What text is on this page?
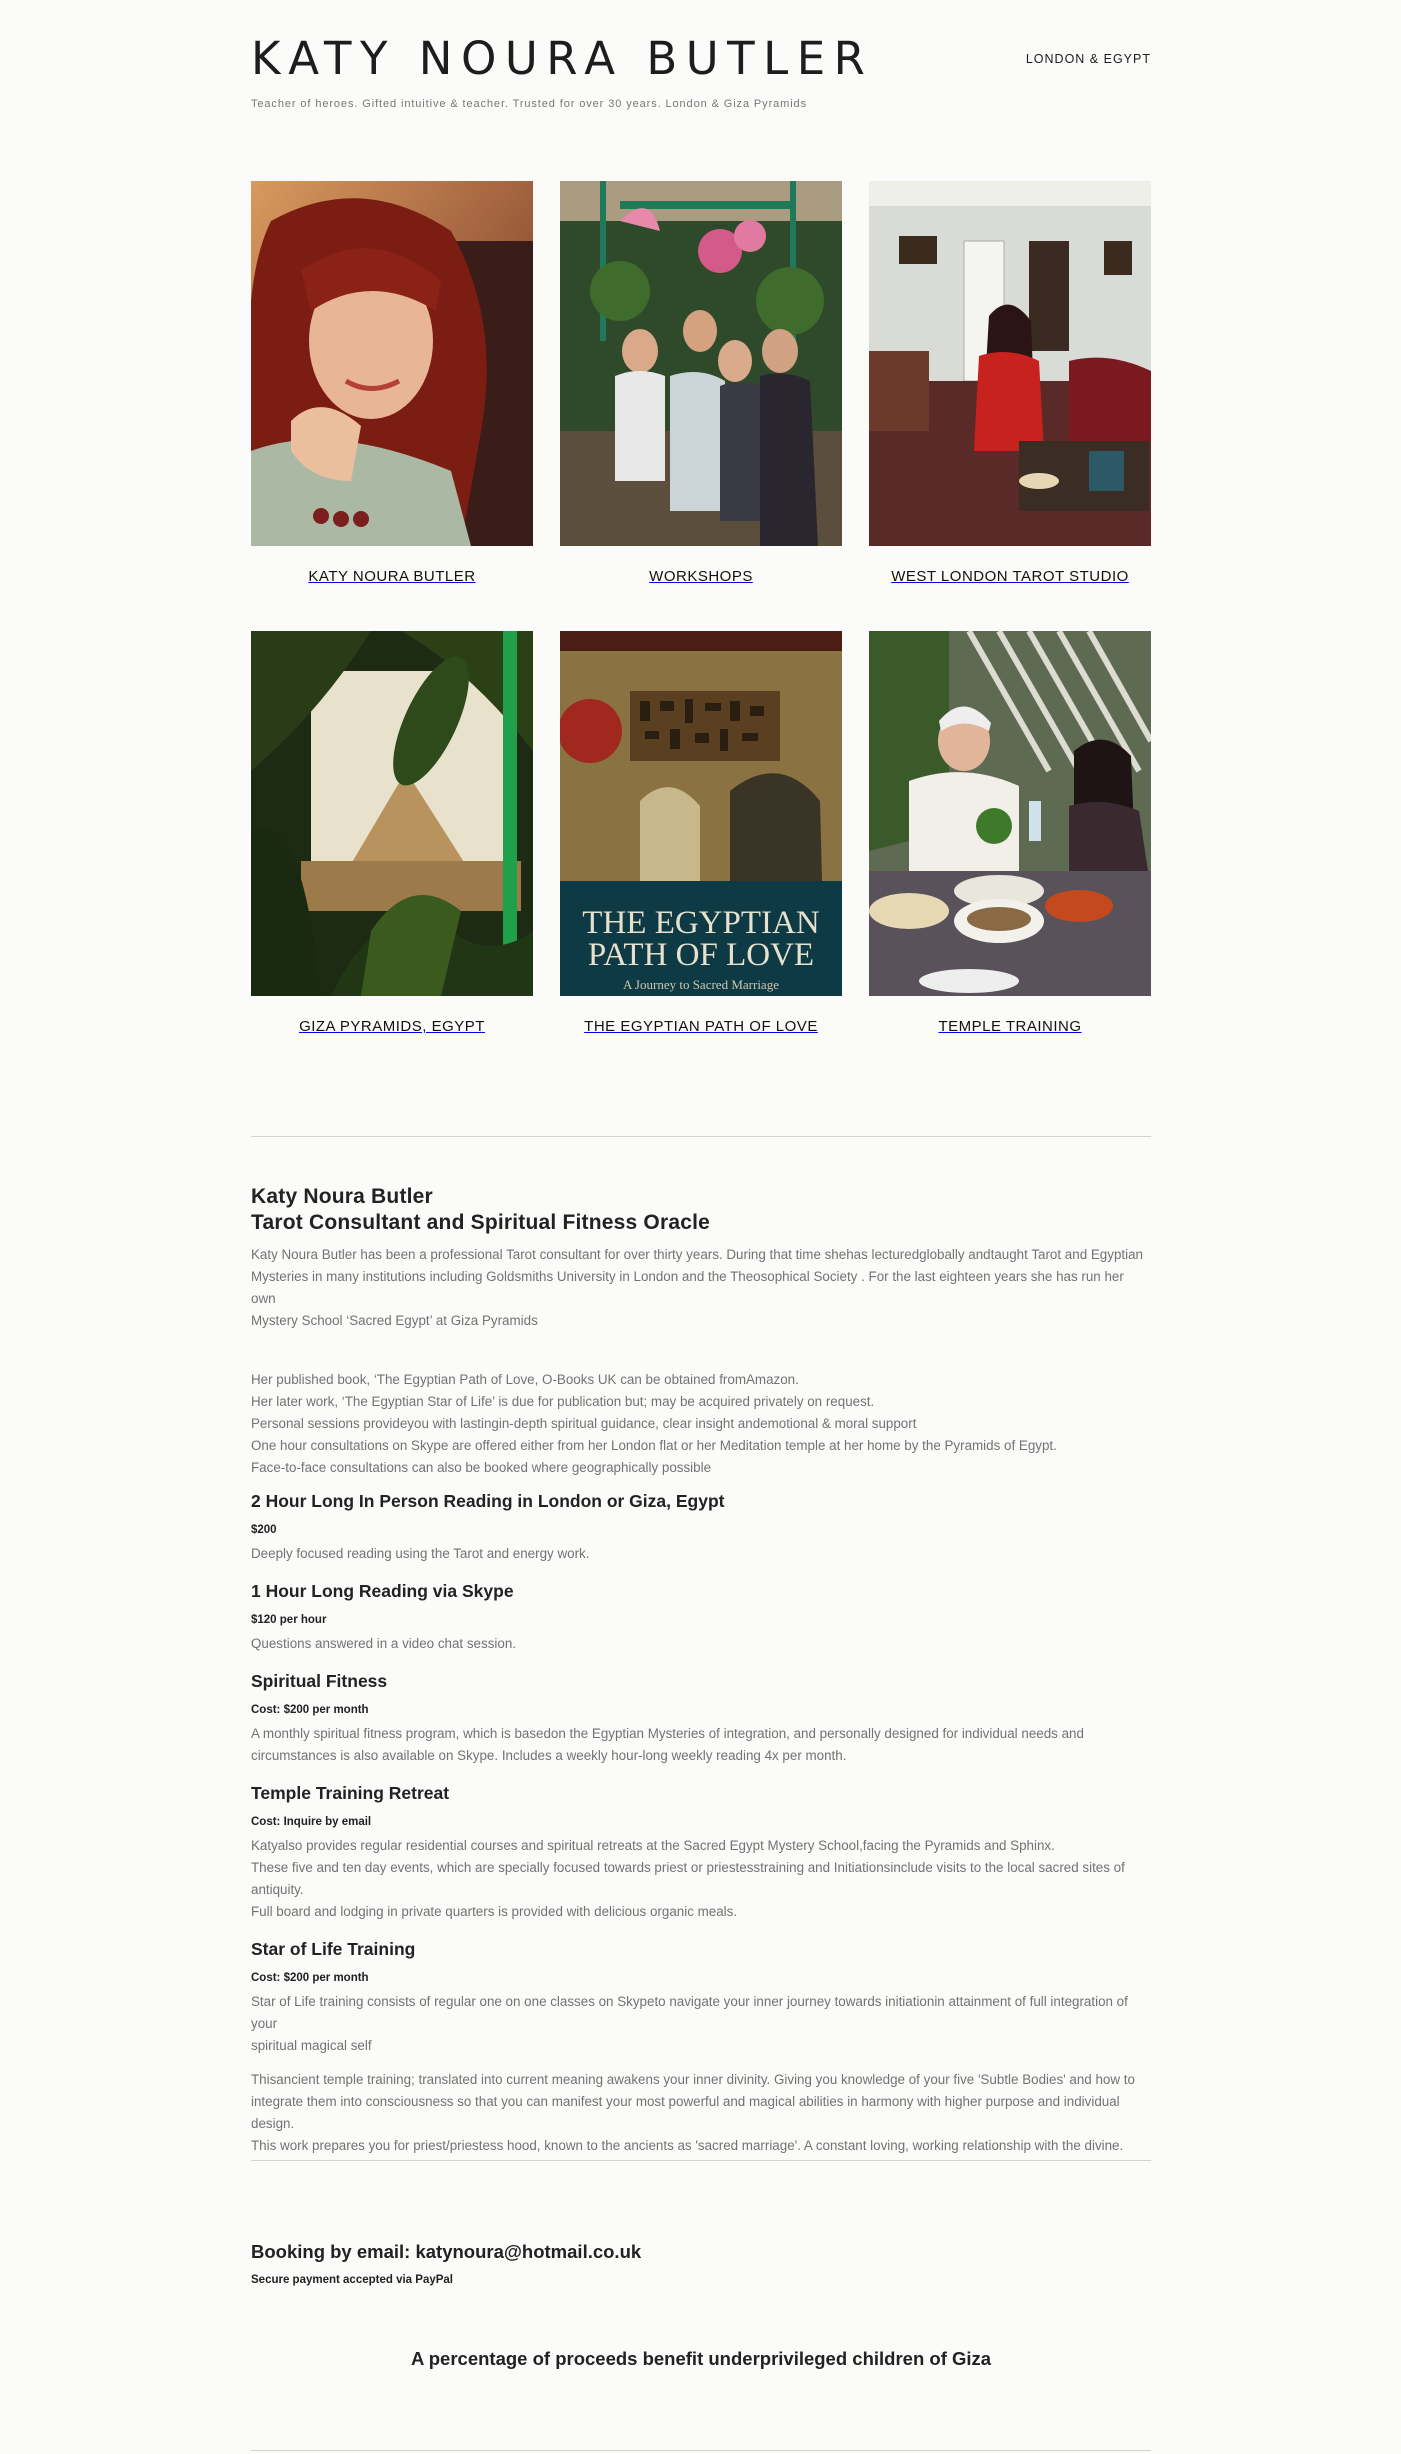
KATY NOURA BUTLER
Teacher of heroes. Gifted intuitive & teacher. Trusted for over 30 years. London & Giza Pyramids
LONDON & EGYPT
KATY NOURA BUTLER	WORKSHOPS	WEST LONDON TAROT STUDIO
GIZA PYRAMIDS, EGYPT
THE EGYPTIAN
PATH OF LOVE
A Journey to Sacred Marriage
THE EGYPTIAN PATH OF LOVE	TEMPLE TRAINING
Katy Noura Butler
Tarot Consultant and Spiritual Fitness Oracle

Katy Noura Butler has been a professional Tarot consultant for over thirty years. During that time shehas lecturedglobally andtaught Tarot and Egyptian

Mysteries in many institutions including Goldsmiths University in London and the Theosophical Society . For the last eighteen years she has run her own

Mystery School ‘Sacred Egypt’ at Giza Pyramids

Her published book, ‘The Egyptian Path of Love, O-Books UK can be obtained fromAmazon.

Her later work, ‘The Egyptian Star of Life’ is due for publication but; may be acquired privately on request.

Personal sessions provideyou with lastingin-depth spiritual guidance, clear insight andemotional & moral support

One hour consultations on Skype are offered either from her London flat or her Meditation temple at her home by the Pyramids of Egypt.

Face-to-face consultations can also be booked where geographically possible

2 Hour Long In Person Reading in London or Giza, Egypt

$200

Deeply focused reading using the Tarot and energy work.

1 Hour Long Reading via Skype

$120 per hour

Questions answered in a video chat session.

Spiritual Fitness

Cost: $200 per month

A monthly spiritual fitness program, which is basedon the Egyptian Mysteries of integration, and personally designed for individual needs and

circumstances is also available on Skype. Includes a weekly hour-long weekly reading 4x per month.

Temple Training Retreat

Cost: Inquire by email

Katyalso provides regular residential courses and spiritual retreats at the Sacred Egypt Mystery School,facing the Pyramids and Sphinx.

These five and ten day events, which are specially focused towards priest or priestesstraining and Initiationsinclude visits to the local sacred sites of antiquity.

Full board and lodging in private quarters is provided with delicious organic meals.

Star of Life Training

Cost: $200 per month

Star of Life training consists of regular one on one classes on Skypeto navigate your inner journey towards initiationin attainment of full integration of your

spiritual magical self

Thisancient temple training; translated into current meaning awakens your inner divinity. Giving you knowledge of your five 'Subtle Bodies' and how to

integrate them into consciousness so that you can manifest your most powerful and magical abilities in harmony with higher purpose and individual design.

This work prepares you for priest/priestess hood, known to the ancients as 'sacred marriage'. A constant loving, working relationship with the divine.

Booking by email: katynoura@hotmail.co.uk

Secure payment accepted via PayPal

A percentage of proceeds benefit underprivileged children of Giza
